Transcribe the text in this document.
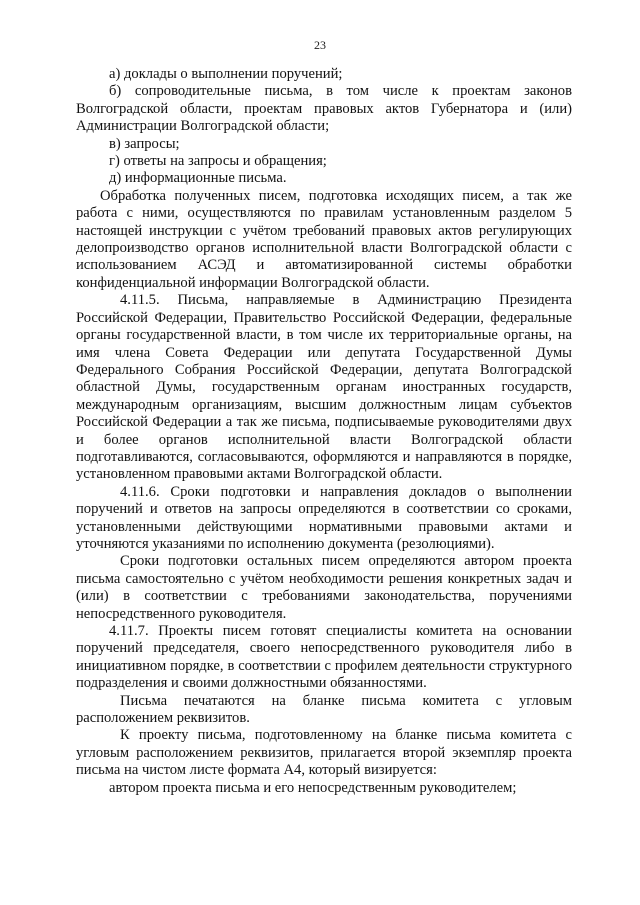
23

а) доклады о выполнении поручений;

б) сопроводительные письма, в том числе к проектам законов Волгоградской области, проектам правовых актов Губернатора и (или) Администрации Волгоградской области;

в) запросы;

г) ответы на запросы и обращения;

д) информационные письма.

Обработка полученных писем, подготовка исходящих писем, а так же работа с ними, осуществляются по правилам установленным разделом 5 настоящей инструкции с учётом требований правовых актов регулирующих делопроизводство органов исполнительной власти Волгоградской области с использованием АСЭД и автоматизированной системы обработки конфиденциальной информации Волгоградской области.

4.11.5. Письма, направляемые в Администрацию Президента Российской Федерации, Правительство Российской Федерации, федеральные органы государственной власти, в том числе их территориальные органы, на имя члена Совета Федерации или депутата Государственной Думы Федерального Собрания Российской Федерации, депутата Волгоградской областной Думы, государственным органам иностранных государств, международным организациям, высшим должностным лицам субъектов Российской Федерации а так же письма, подписываемые руководителями двух и более органов исполнительной власти Волгоградской области подготавливаются, согласовываются, оформляются и направляются в порядке, установленном правовыми актами Волгоградской области.

4.11.6. Сроки подготовки и направления докладов о выполнении поручений и ответов на запросы определяются в соответствии со сроками, установленными действующими нормативными правовыми актами и уточняются указаниями по исполнению документа (резолюциями).

Сроки подготовки остальных писем определяются автором проекта письма самостоятельно с учётом необходимости решения конкретных задач и (или) в соответствии с требованиями законодательства, поручениями непосредственного руководителя.

4.11.7. Проекты писем готовят специалисты комитета на основании поручений председателя, своего непосредственного руководителя либо в инициативном порядке, в соответствии с профилем деятельности структурного подразделения и своими должностными обязанностями.

Письма печатаются на бланке письма комитета с угловым расположением реквизитов.

К проекту письма, подготовленному на бланке письма комитета с угловым расположением реквизитов, прилагается второй экземпляр проекта письма на чистом листе формата А4, который визируется:

автором проекта письма и его непосредственным руководителем;
